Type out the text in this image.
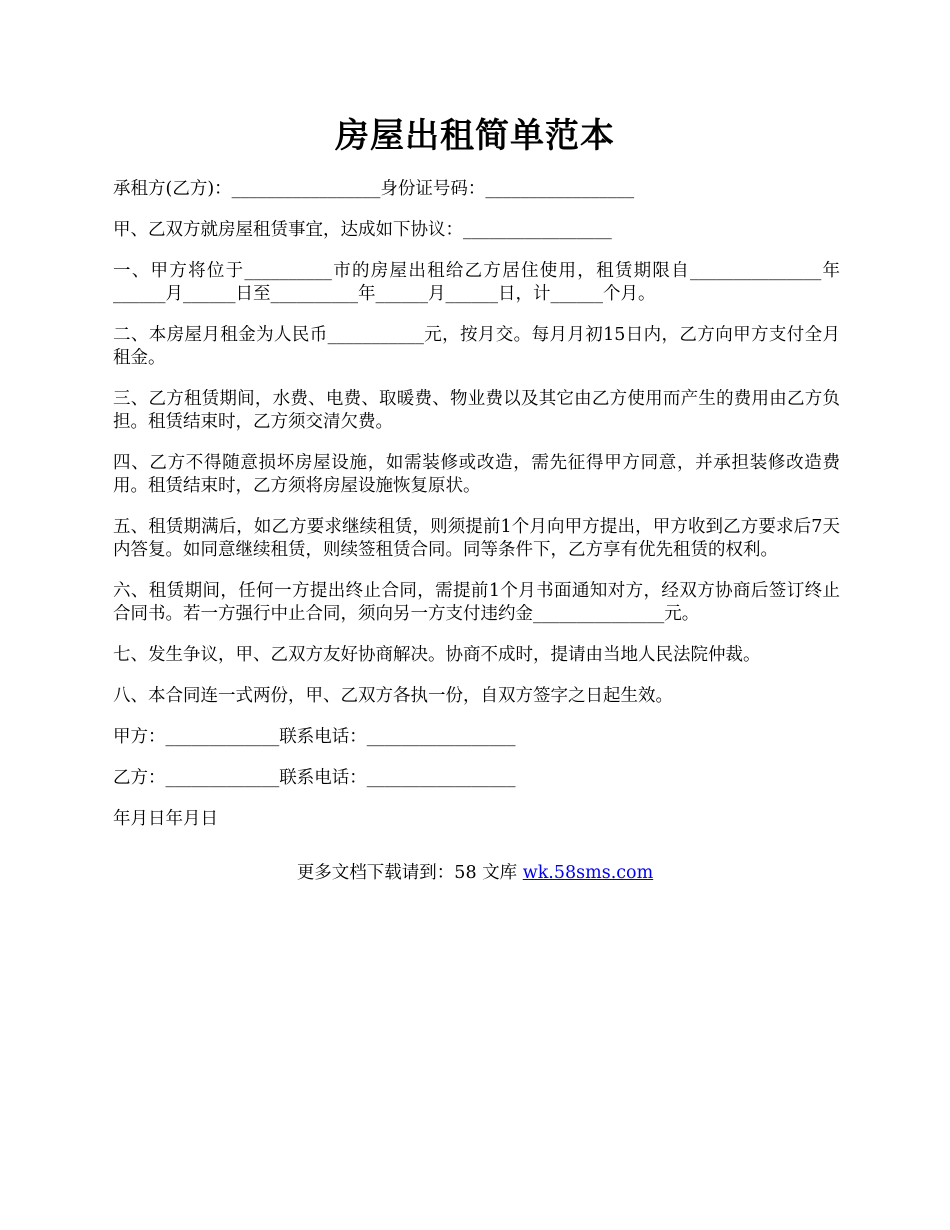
房屋出租简单范本

承租方(乙方)：_________________身份证号码：_________________

甲、乙双方就房屋租赁事宜，达成如下协议：_________________

一、甲方将位于__________市的房屋出租给乙方居住使用，租赁期限自_______________年______月______日至__________年______月______日，计______个月。

二、本房屋月租金为人民币___________元，按月交。每月月初15日内，乙方向甲方支付全月租金。

三、乙方租赁期间，水费、电费、取暖费、物业费以及其它由乙方使用而产生的费用由乙方负担。租赁结束时，乙方须交清欠费。

四、乙方不得随意损坏房屋设施，如需装修或改造，需先征得甲方同意，并承担装修改造费用。租赁结束时，乙方须将房屋设施恢复原状。

五、租赁期满后，如乙方要求继续租赁，则须提前1个月向甲方提出，甲方收到乙方要求后7天内答复。如同意继续租赁，则续签租赁合同。同等条件下，乙方享有优先租赁的权利。

六、租赁期间，任何一方提出终止合同，需提前1个月书面通知对方，经双方协商后签订终止合同书。若一方强行中止合同，须向另一方支付违约金_______________元。

七、发生争议，甲、乙双方友好协商解决。协商不成时，提请由当地人民法院仲裁。

八、本合同连一式两份，甲、乙双方各执一份，自双方签字之日起生效。

甲方：_____________联系电话：_________________

乙方：_____________联系电话：_________________

年月日年月日

更多文档下载请到：58 文库 wk.58sms.com
